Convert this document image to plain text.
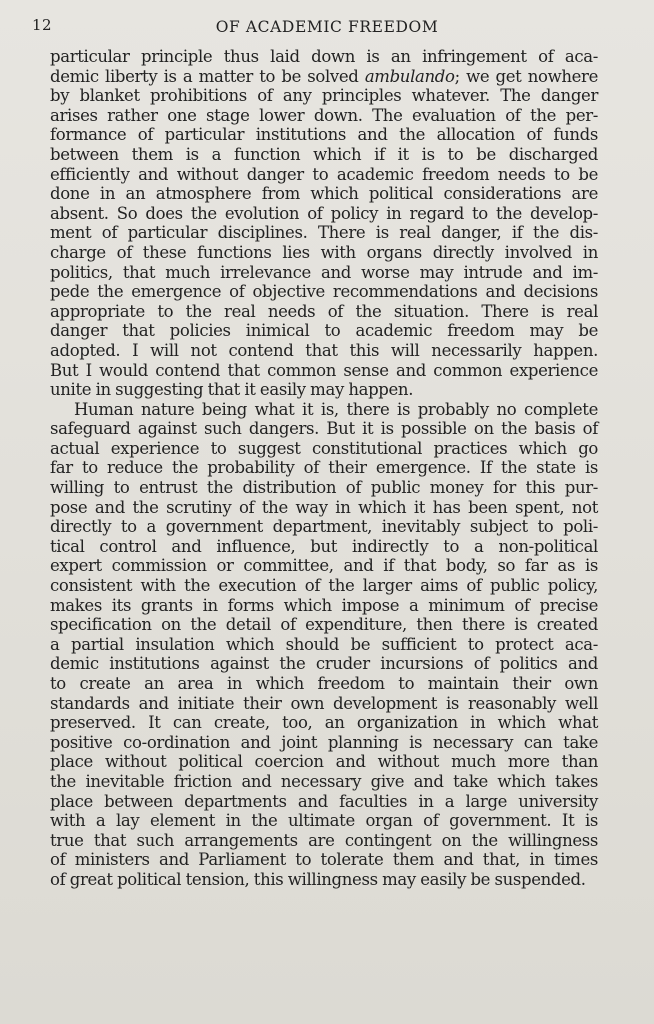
12	OF ACADEMIC FREEDOM
particular principle thus laid down is an infringement of aca-
demic liberty is a matter to be solved ambulando; we get nowhere
by blanket prohibitions of any principles whatever. The danger
arises rather one stage lower down. The evaluation of the per-
formance of particular institutions and the allocation of funds
between them is a function which if it is to be discharged
efficiently and without danger to academic freedom needs to be
done in an atmosphere from which political considerations are
absent. So does the evolution of policy in regard to the develop-
ment of particular disciplines. There is real danger, if the dis-
charge of these functions lies with organs directly involved in
politics, that much irrelevance and worse may intrude and im-
pede the emergence of objective recommendations and decisions
appropriate to the real needs of the situation. There is real
danger that policies inimical to academic freedom may be
adopted. I will not contend that this will necessarily happen.
But I would contend that common sense and common experience
unite in suggesting that it easily may happen.
Human nature being what it is, there is probably no complete
safeguard against such dangers. But it is possible on the basis of
actual experience to suggest constitutional practices which go
far to reduce the probability of their emergence. If the state is
willing to entrust the distribution of public money for this pur-
pose and the scrutiny of the way in which it has been spent, not
directly to a government department, inevitably subject to poli-
tical control and influence, but indirectly to a non-political
expert commission or committee, and if that body, so far as is
consistent with the execution of the larger aims of public policy,
makes its grants in forms which impose a minimum of precise
specification on the detail of expenditure, then there is created
a partial insulation which should be sufficient to protect aca-
demic institutions against the cruder incursions of politics and
to create an area in which freedom to maintain their own
standards and initiate their own development is reasonably well
preserved. It can create, too, an organization in which what
positive co-ordination and joint planning is necessary can take
place without political coercion and without much more than
the inevitable friction and necessary give and take which takes
place between departments and faculties in a large university
with a lay element in the ultimate organ of government. It is
true that such arrangements are contingent on the willingness
of ministers and Parliament to tolerate them and that, in times
of great political tension, this willingness may easily be suspended.
